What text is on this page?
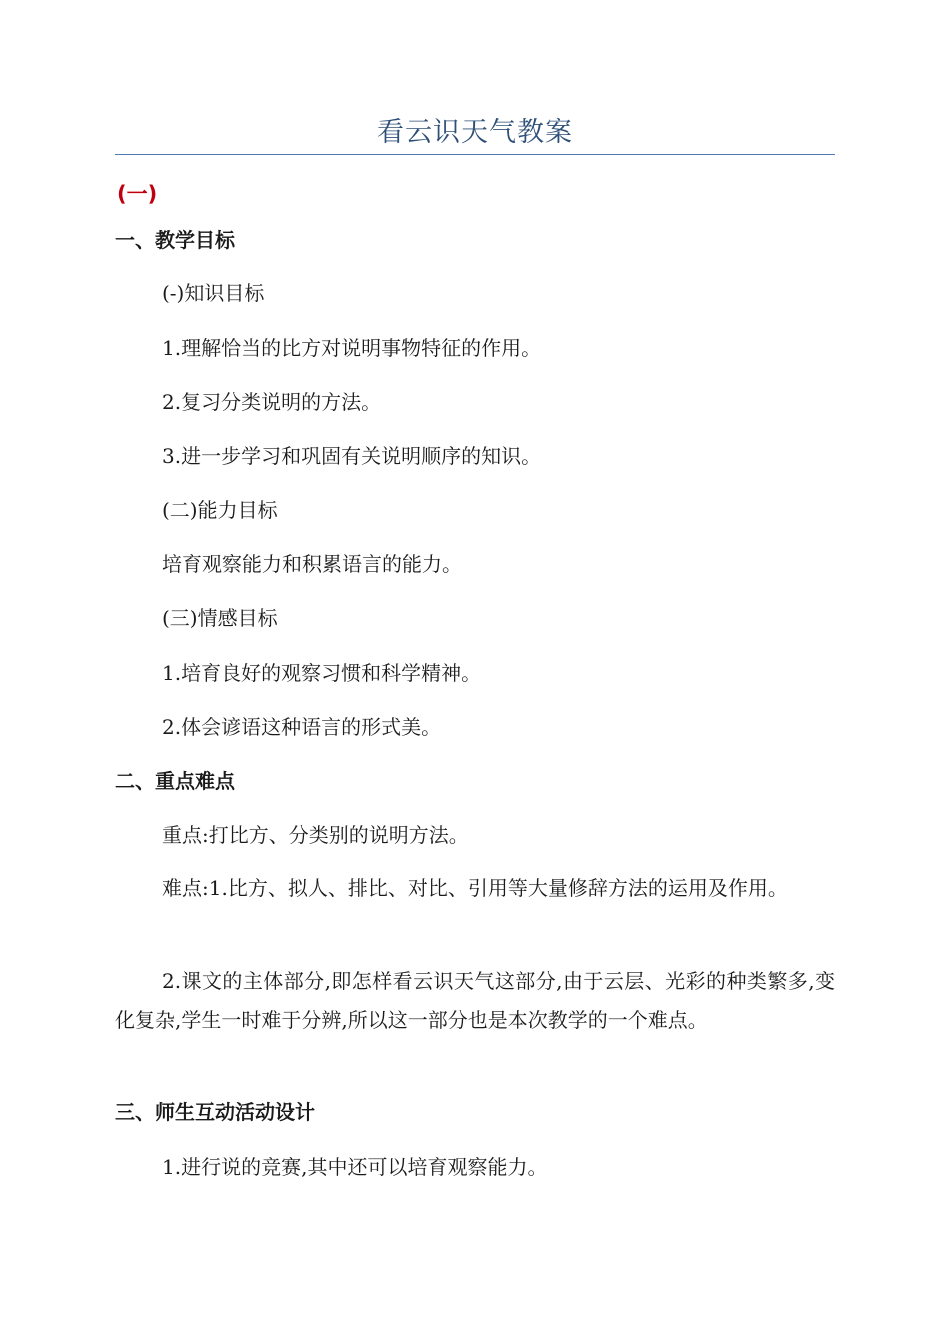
看云识天气教案
(一)
一、教学目标
(-)知识目标
1.理解恰当的比方对说明事物特征的作用。
2.复习分类说明的方法。
3.进一步学习和巩固有关说明顺序的知识。
(二)能力目标
培育观察能力和积累语言的能力。
(三)情感目标
1.培育良好的观察习惯和科学精神。
2.体会谚语这种语言的形式美。
二、重点难点
重点:打比方、分类别的说明方法。
难点:1.比方、拟人、排比、对比、引用等大量修辞方法的运用及作用。
2.课文的主体部分,即怎样看云识天气这部分,由于云层、光彩的种类繁多,变化复杂,学生一时难于分辨,所以这一部分也是本次教学的一个难点。
三、师生互动活动设计
1.进行说的竞赛,其中还可以培育观察能力。
